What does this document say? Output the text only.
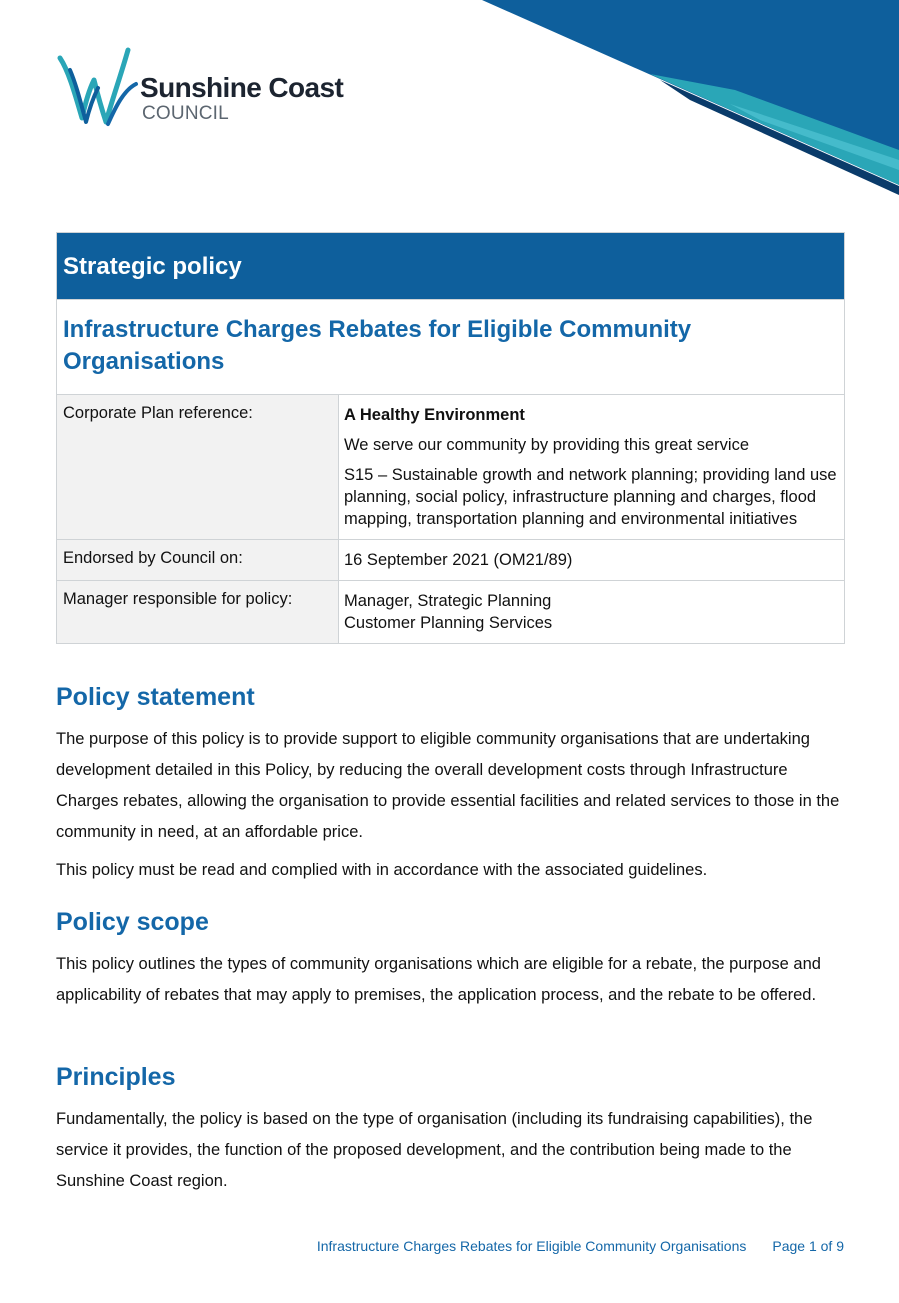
Sunshine Coast
COUNCIL
Strategic policy
Infrastructure Charges Rebates for Eligible Community Organisations
Corporate Plan reference:	A Healthy Environment

We serve our community by providing this great service

S15 – Sustainable growth and network planning; providing land use planning, social policy, infrastructure planning and charges, flood mapping, transportation planning and environmental initiatives

Endorsed by Council on:	16 September 2021 (OM21/89)

Manager responsible for policy:	Manager, Strategic Planning

Customer Planning Services

Policy statement

The purpose of this policy is to provide support to eligible community organisations that are undertaking development detailed in this Policy, by reducing the overall development costs through Infrastructure Charges rebates, allowing the organisation to provide essential facilities and related services to those in the community in need, at an affordable price.

This policy must be read and complied with in accordance with the associated guidelines.

Policy scope

This policy outlines the types of community organisations which are eligible for a rebate, the purpose and applicability of rebates that may apply to premises, the application process, and the rebate to be offered.

Principles

Fundamentally, the policy is based on the type of organisation (including its fundraising capabilities), the service it provides, the function of the proposed development, and the contribution being made to the Sunshine Coast region.

Infrastructure Charges Rebates for Eligible Community Organisations Page 1 of 9
